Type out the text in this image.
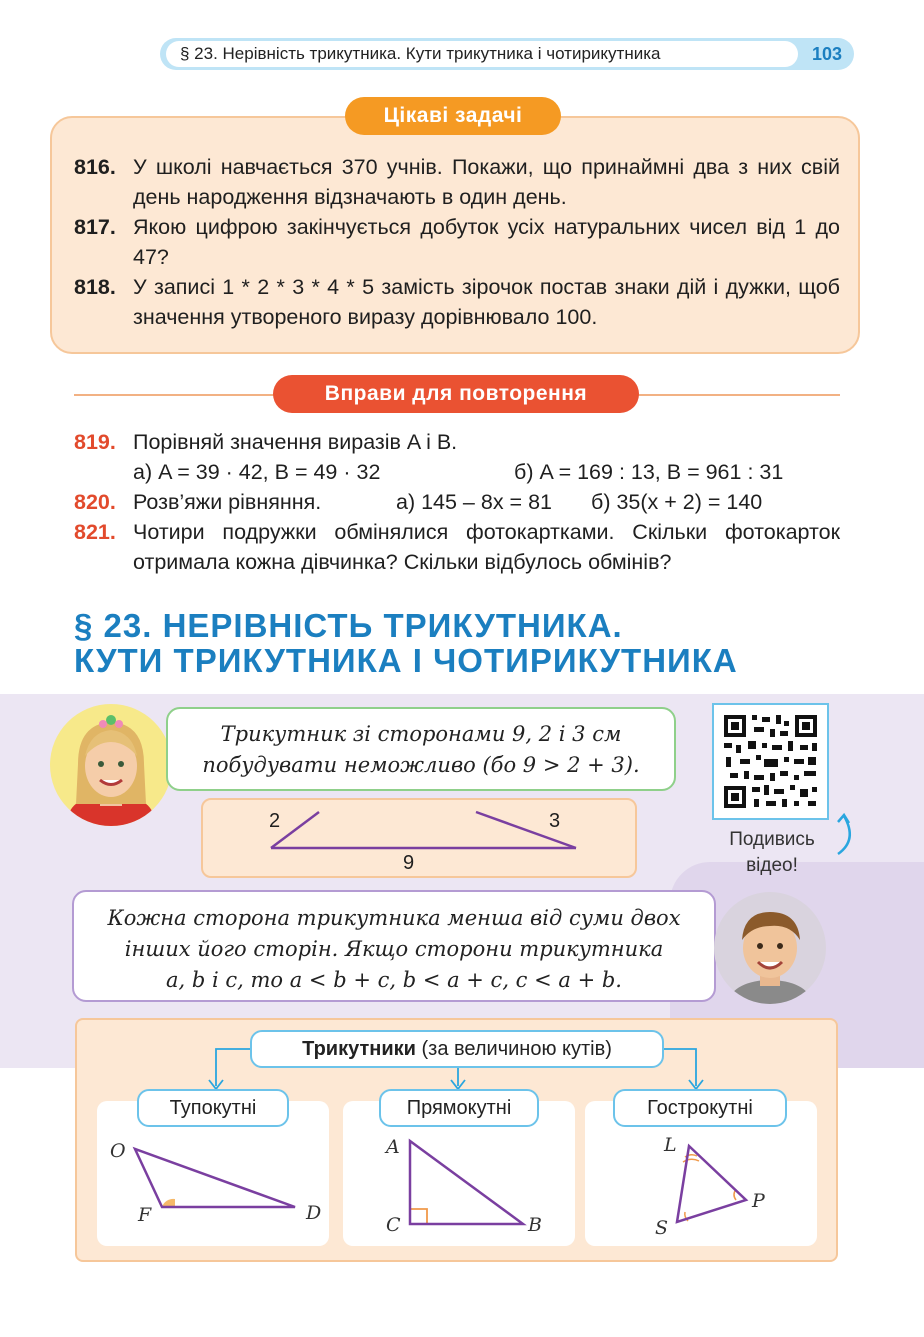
§ 23. Нерівність трикутника. Кути трикутника і чотирикутника	103
Цікаві задачі
816. У школі навчається 370 учнів. Покажи, що принаймні два з них свій день народження відзначають в один день.
817. Якою цифрою закінчується добуток усіх натуральних чисел від 1 до 47?
818. У записі 1 * 2 * 3 * 4 * 5 замість зірочок постав знаки дій і дужки, щоб значення утвореного виразу дорівнювало 100.
Вправи для повторення
819. Порівняй значення виразів A і B.
а) A = 39 · 42, B = 49 · 32	б) A = 169 : 13, B = 961 : 31
820. Розв’яжи рівняння.	а) 145 – 8x = 81	б) 35(x + 2) = 140
821. Чотири подружки обмінялися фотокартками. Скільки фотокарток отримала кожна дівчинка? Скільки відбулось обмінів?
§ 23. НЕРІВНІСТЬ ТРИКУТНИКА.
КУТИ ТРИКУТНИКА І ЧОТИРИКУТНИКА
Трикутник зі сторонами 9, 2 і 3 см
побудувати неможливо (бо 9 > 2 + 3).
2	3
9
Подивись
відео!
Кожна сторона трикутника менша від суми двох
інших його сторін. Якщо сторони трикутника
a, b і c, то a < b + c, b < a + c, c < a + b.
Трикутники (за величиною кутів)
Тупокутні
O
F	D
Прямокутні
A
C	B
Гострокутні
L
S
P
